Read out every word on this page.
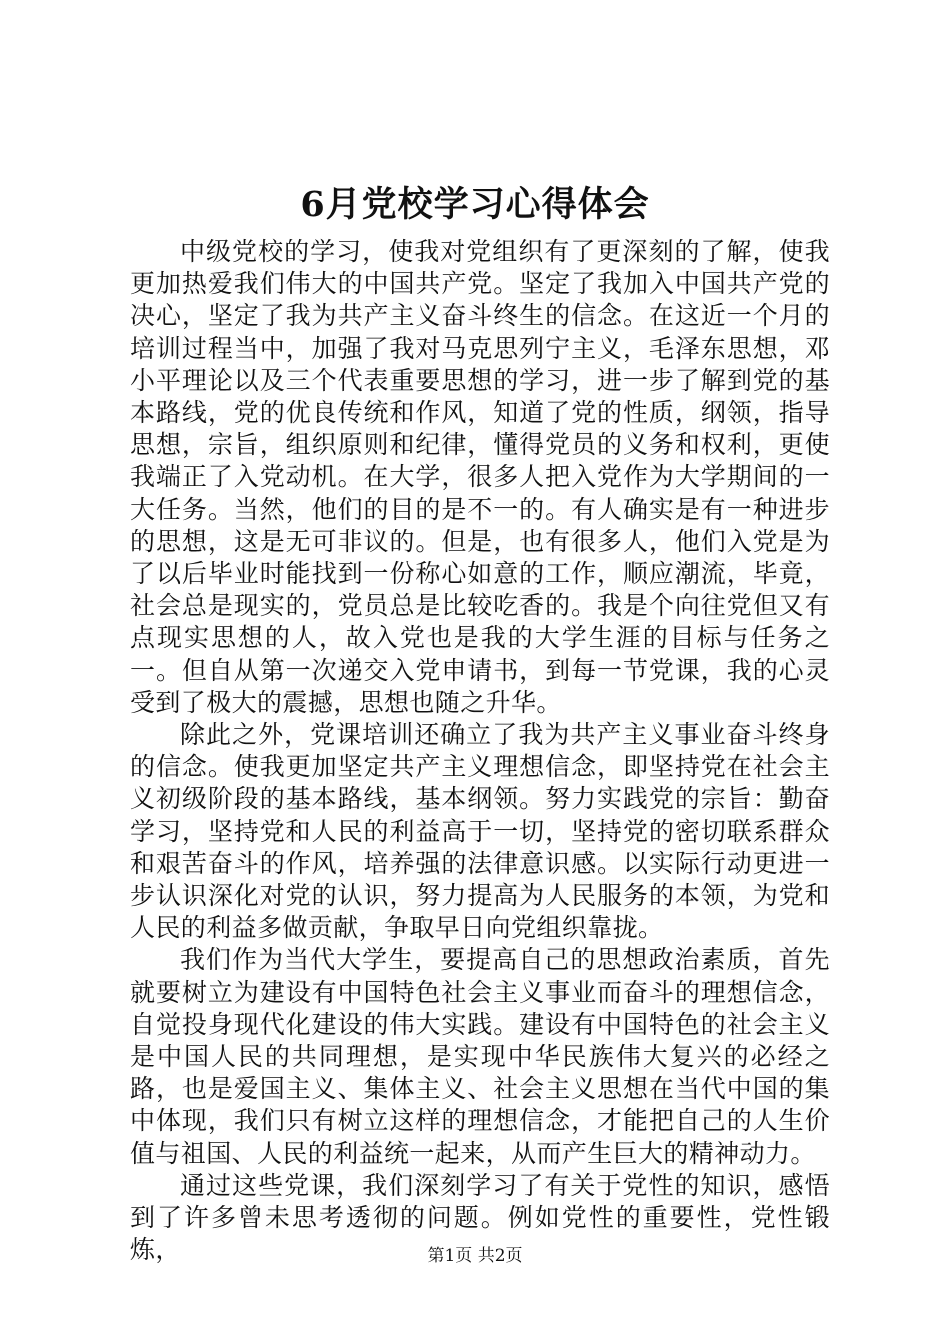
6月党校学习心得体会

中级党校的学习，使我对党组织有了更深刻的了解，使我更加热爱我们伟大的中国共产党。坚定了我加入中国共产党的决心，坚定了我为共产主义奋斗终生的信念。在这近一个月的培训过程当中，加强了我对马克思列宁主义，毛泽东思想，邓小平理论以及三个代表重要思想的学习，进一步了解到党的基本路线，党的优良传统和作风，知道了党的性质，纲领，指导思想，宗旨，组织原则和纪律，懂得党员的义务和权利，更使我端正了入党动机。在大学，很多人把入党作为大学期间的一大任务。当然，他们的目的是不一的。有人确实是有一种进步的思想，这是无可非议的。但是，也有很多人，他们入党是为了以后毕业时能找到一份称心如意的工作，顺应潮流，毕竟，社会总是现实的，党员总是比较吃香的。我是个向往党但又有点现实思想的人，故入党也是我的大学生涯的目标与任务之一。但自从第一次递交入党申请书，到每一节党课，我的心灵受到了极大的震撼，思想也随之升华。

除此之外，党课培训还确立了我为共产主义事业奋斗终身的信念。使我更加坚定共产主义理想信念，即坚持党在社会主义初级阶段的基本路线，基本纲领。努力实践党的宗旨：勤奋学习，坚持党和人民的利益高于一切，坚持党的密切联系群众和艰苦奋斗的作风，培养强的法律意识感。以实际行动更进一步认识深化对党的认识，努力提高为人民服务的本领，为党和人民的利益多做贡献，争取早日向党组织靠拢。

我们作为当代大学生，要提高自己的思想政治素质，首先就要树立为建设有中国特色社会主义事业而奋斗的理想信念，自觉投身现代化建设的伟大实践。建设有中国特色的社会主义是中国人民的共同理想，是实现中华民族伟大复兴的必经之路，也是爱国主义、集体主义、社会主义思想在当代中国的集中体现，我们只有树立这样的理想信念，才能把自己的人生价值与祖国、人民的利益统一起来，从而产生巨大的精神动力。

通过这些党课，我们深刻学习了有关于党性的知识，感悟到了许多曾未思考透彻的问题。例如党性的重要性，党性锻炼，	第1页 共2页
